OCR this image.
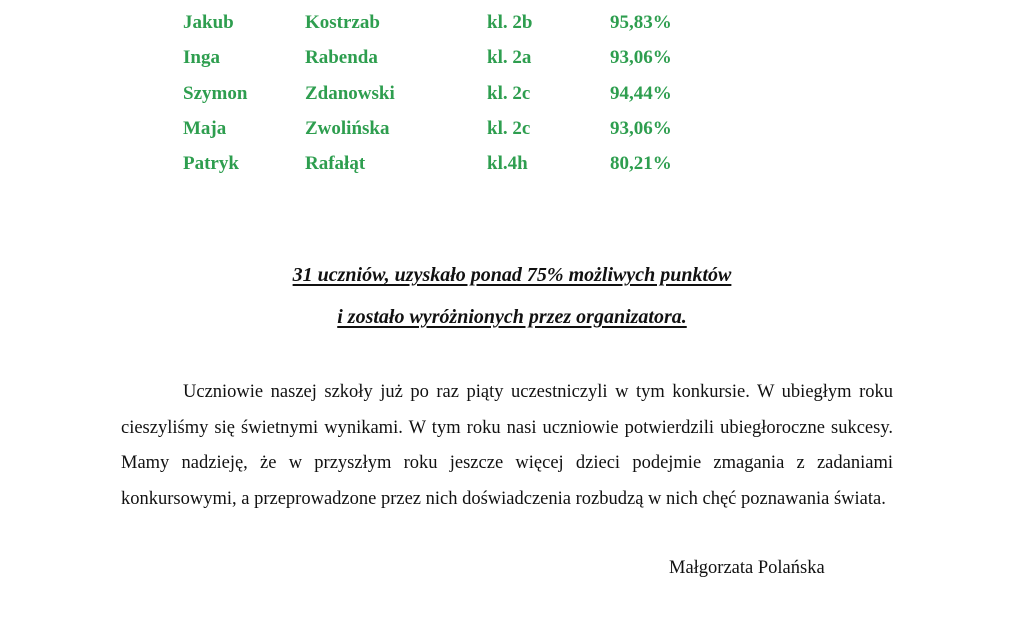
Jakub	Kostrzab	kl. 2b	95,83%
Inga	Rabenda	kl. 2a	93,06%
Szymon	Zdanowski	kl. 2c	94,44%
Maja	Zwolińska	kl. 2c	93,06%
Patryk	Rafałąt	kl.4h	80,21%
31 uczniów, uzyskało ponad 75% możliwych punktów
i zostało wyróżnionych przez organizatora.

Uczniowie naszej szkoły już po raz piąty uczestniczyli w tym konkursie. W ubiegłym roku cieszyliśmy się świetnymi wynikami. W tym roku nasi uczniowie potwierdzili ubiegłoroczne sukcesy. Mamy nadzieję, że w przyszłym roku jeszcze więcej dzieci podejmie zmagania z zadaniami konkursowymi, a przeprowadzone przez nich doświadczenia rozbudzą w nich chęć poznawania świata.

Małgorzata Polańska
